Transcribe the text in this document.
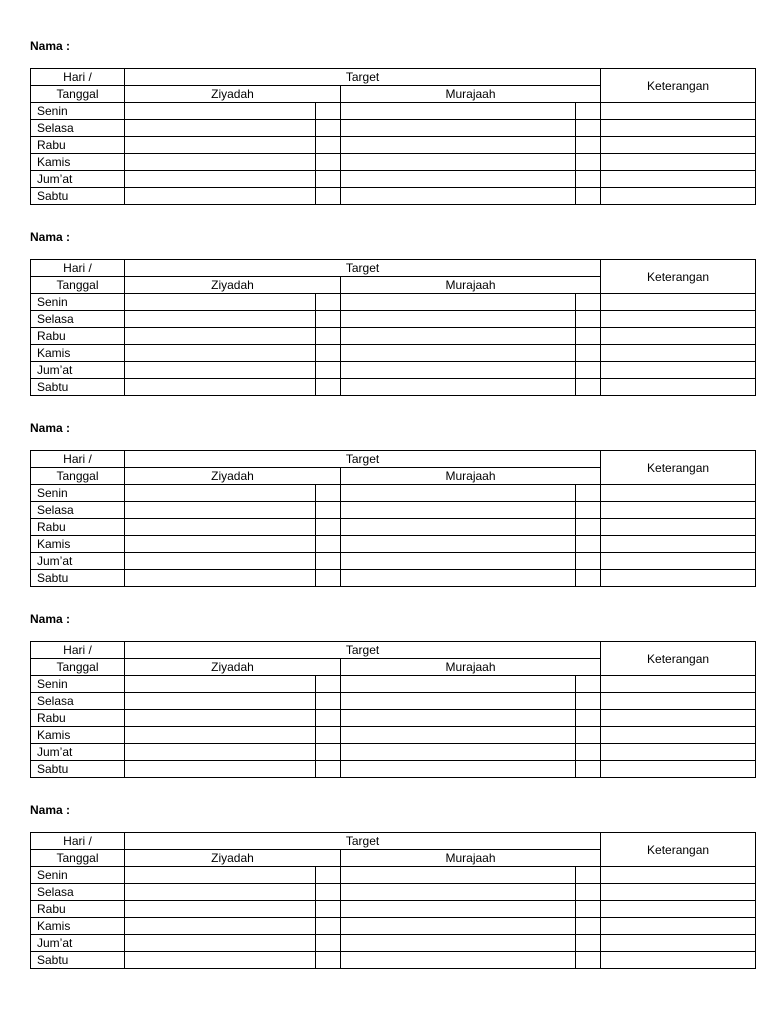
Nama :

Hari /	Target				Keterangan
Tanggal	Ziyadah		Murajaah		
Senin					
Selasa					
Rabu					
Kamis					
Jum’at					
Sabtu					

Nama :

Hari /	Target				Keterangan
Tanggal	Ziyadah		Murajaah		
Senin					
Selasa					
Rabu					
Kamis					
Jum’at					
Sabtu					

Nama :

Hari /	Target				Keterangan
Tanggal	Ziyadah		Murajaah		
Senin					
Selasa					
Rabu					
Kamis					
Jum’at					
Sabtu					

Nama :

Hari /	Target				Keterangan
Tanggal	Ziyadah		Murajaah		
Senin					
Selasa					
Rabu					
Kamis					
Jum’at					
Sabtu					

Nama :

Hari /	Target				Keterangan
Tanggal	Ziyadah		Murajaah		
Senin					
Selasa					
Rabu					
Kamis					
Jum’at					
Sabtu					
